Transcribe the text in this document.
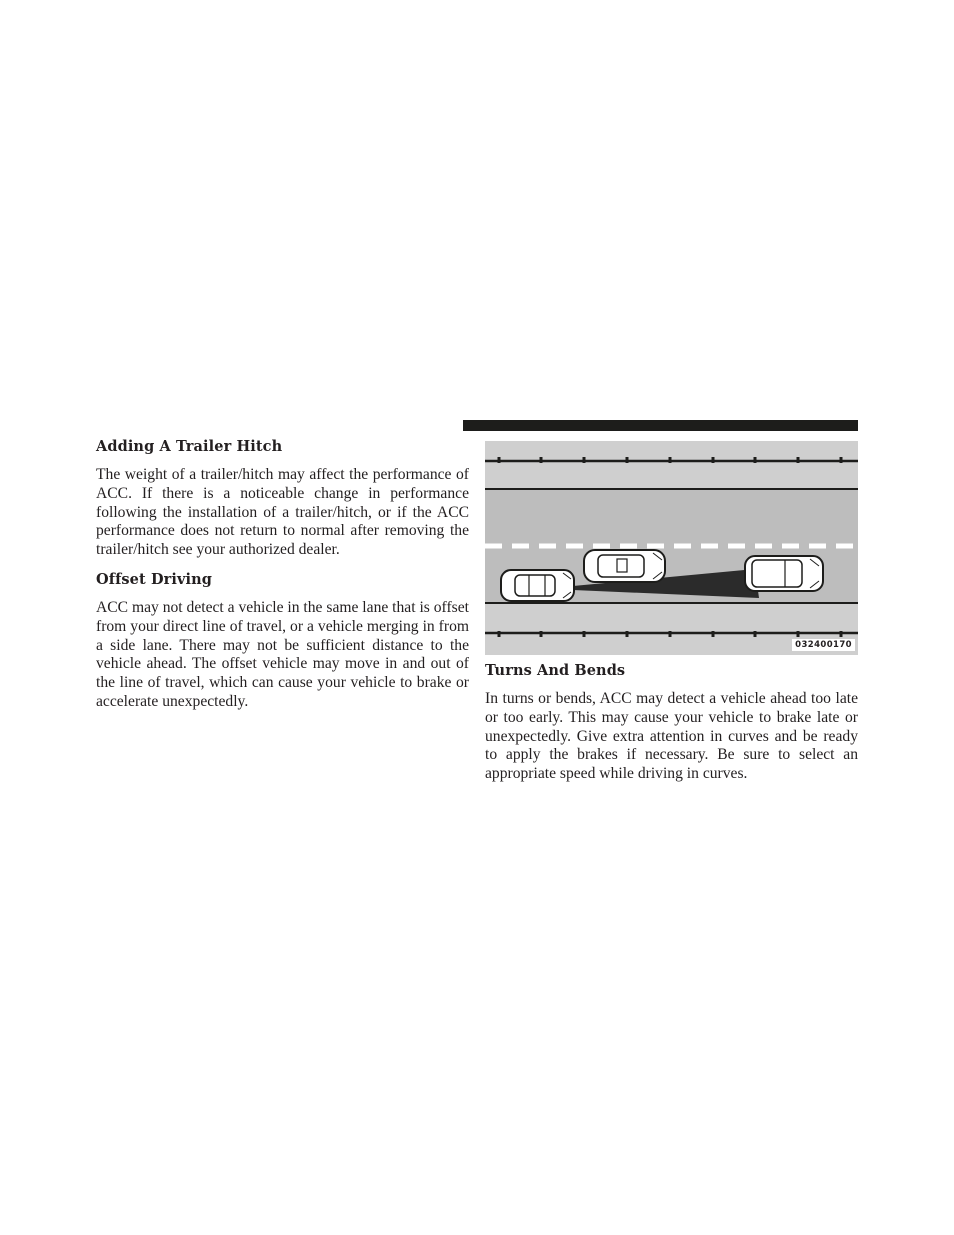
Adding A Trailer Hitch

The weight of a trailer/hitch may affect the performance of ACC. If there is a noticeable change in performance following the installation of a trailer/hitch, or if the ACC performance does not return to normal after removing the trailer/hitch see your authorized dealer.

Offset Driving

ACC may not detect a vehicle in the same lane that is offset from your direct line of travel, or a vehicle merging in from a side lane. There may not be sufficient distance to the vehicle ahead. The offset vehicle may move in and out of the line of travel, which can cause your vehicle to brake or accelerate unexpectedly.

032400170
Turns And Bends

In turns or bends, ACC may detect a vehicle ahead too late or too early. This may cause your vehicle to brake late or unexpectedly. Give extra attention in curves and be ready to apply the brakes if necessary. Be sure to select an appropriate speed while driving in curves.
